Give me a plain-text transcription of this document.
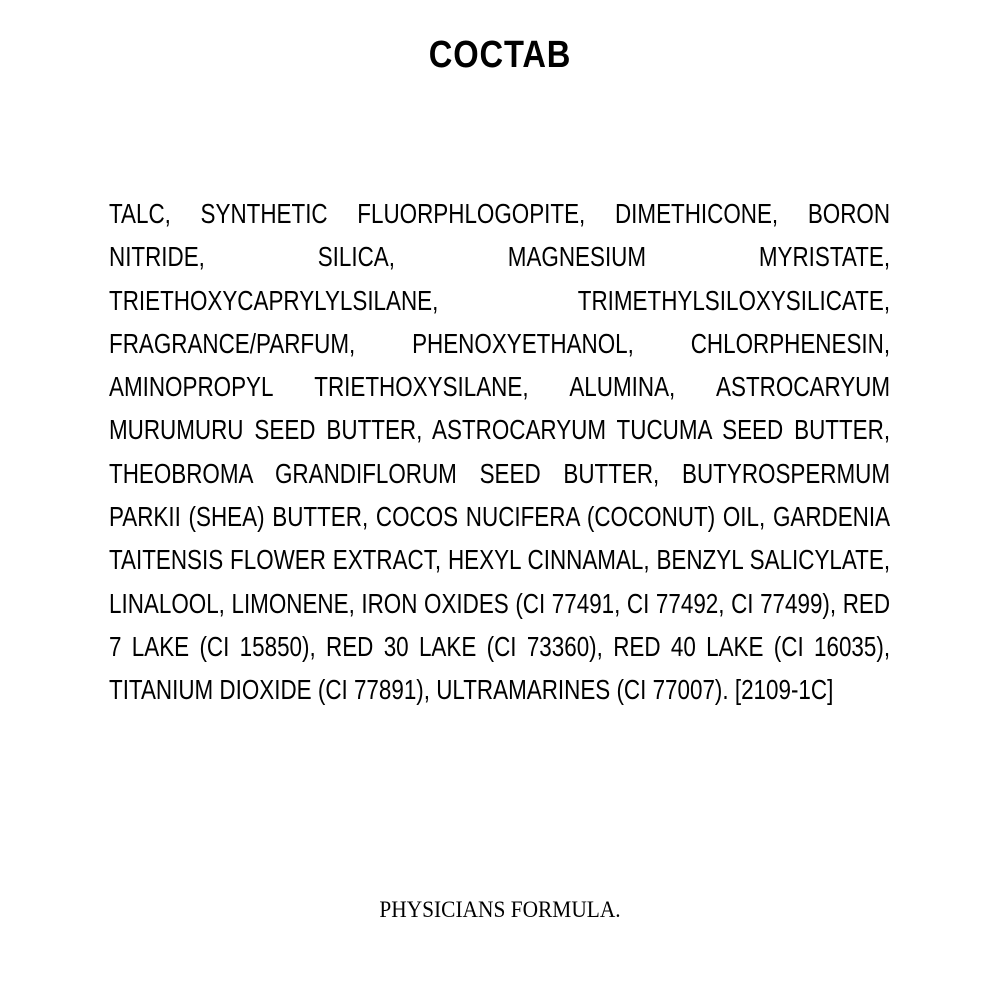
COCTAB

TALC, SYNTHETIC FLUORPHLOGOPITE, DIMETHICONE, BORON NITRIDE, SILICA, MAGNESIUM MYRISTATE, TRIETHOXYCAPRYLYLSILANE, TRIMETHYLSILOXYSILICATE, FRAGRANCE/PARFUM, PHENOXYETHANOL, CHLORPHENESIN, AMINOPROPYL TRIETHOXYSILANE, ALUMINA, ASTROCARYUM MURUMURU SEED BUTTER, ASTROCARYUM TUCUMA SEED BUTTER, THEOBROMA GRANDIFLORUM SEED BUTTER, BUTYROSPERMUM PARKII (SHEA) BUTTER, COCOS NUCIFERA (COCONUT) OIL, GARDENIA TAITENSIS FLOWER EXTRACT, HEXYL CINNAMAL, BENZYL SALICYLATE, LINALOOL, LIMONENE, IRON OXIDES (CI 77491, CI 77492, CI 77499), RED 7 LAKE (CI 15850), RED 30 LAKE (CI 73360), RED 40 LAKE (CI 16035), TITANIUM DIOXIDE (CI 77891), ULTRAMARINES (CI 77007). [2109-1C]

PHYSICIANS FORMULA.
